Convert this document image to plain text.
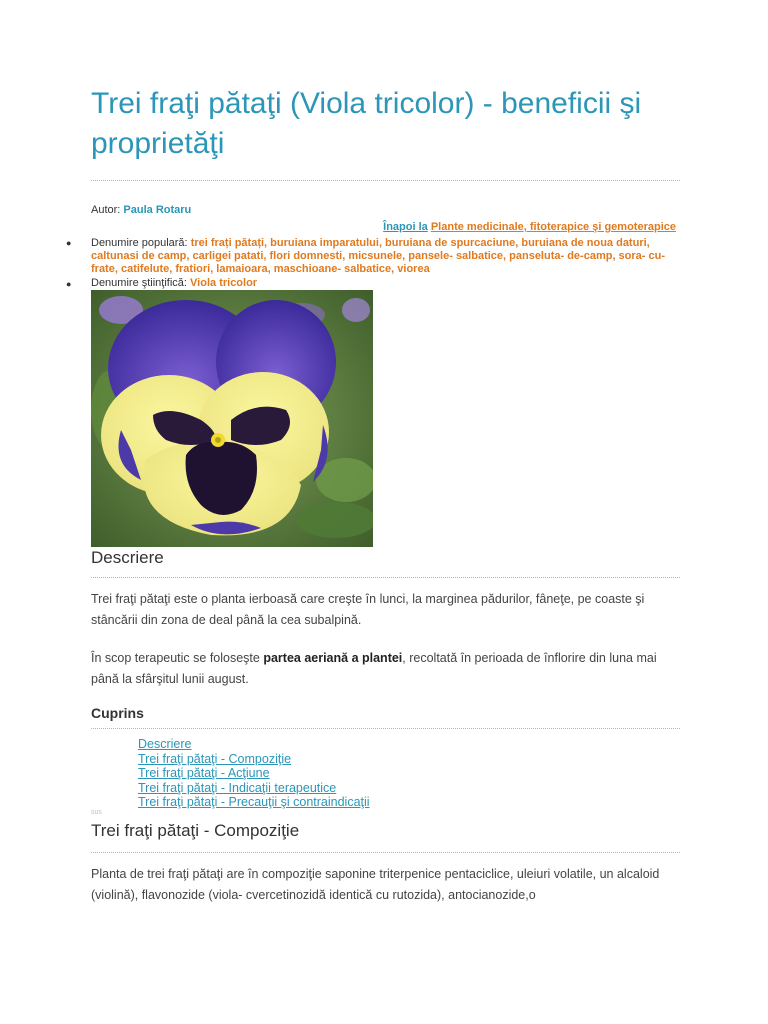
Trei fraţi pătaţi (Viola tricolor) - beneficii şi proprietăţi
Autor: Paula Rotaru
Înapoi la Plante medicinale, fitoterapice şi gemoterapice
● Denumire populară: trei frați pătați, buruiana imparatului, buruiana de spurcaciune, buruiana de noua daturi, caltunasi de camp, carligei patati, flori domnesti, micsunele, pansele- salbatice, panseluta- de-camp, sora- cu- frate, catifelute, fratiori, lamaioara, maschioane- salbatice, viorea
● Denumire ştiinţifică: Viola tricolor
Descriere

Trei fraţi pătaţi este o planta ierboasă care creşte în lunci, la marginea pădurilor, fâneţe, pe coaste şi stâncării din zona de deal până la cea subalpină.

În scop terapeutic se foloseşte partea aeriană a plantei, recoltată în perioada de înflorire din luna mai până la sfârşitul lunii august.

Cuprins
Descriere
Trei fraţi pătaţi - Compoziţie
Trei fraţi pătaţi - Acţiune
Trei fraţi pătaţi - Indicaţii terapeutice
Trei fraţi pătaţi - Precauţii şi contraindicaţii
sus
Trei fraţi pătaţi - Compoziţie

Planta de trei fraţi pătaţi are în compoziţie saponine triterpenice pentaciclice, uleiuri volatile, un alcaloid (violină), flavonozide (viola- cvercetinozidă identică cu rutozida), antocianozide,o
